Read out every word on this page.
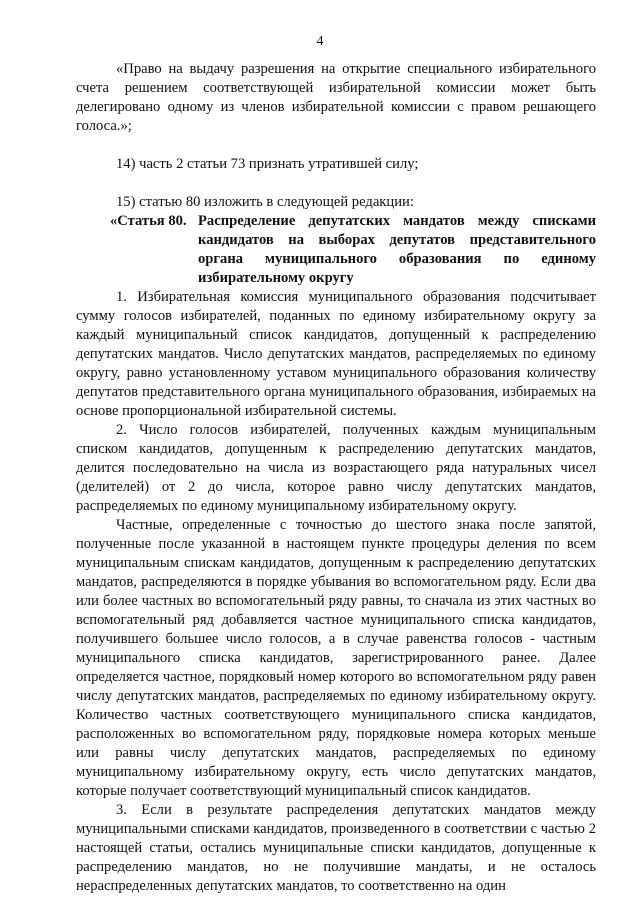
4

«Право на выдачу разрешения на открытие специального избирательного счета решением соответствующей избирательной комиссии может быть делегировано одному из членов избирательной комиссии с правом решающего голоса.»;

14) часть 2 статьи 73 признать утратившей силу;

15) статью 80 изложить в следующей редакции:

«Статья 80. Распределение депутатских мандатов между списками кандидатов на выборах депутатов представительного органа муниципального образования по единому избирательному округу

1. Избирательная комиссия муниципального образования подсчитывает сумму голосов избирателей, поданных по единому избирательному округу за каждый муниципальный список кандидатов, допущенный к распределению депутатских мандатов. Число депутатских мандатов, распределяемых по единому округу, равно установленному уставом муниципального образования количеству депутатов представительного органа муниципального образования, избираемых на основе пропорциональной избирательной системы.

2. Число голосов избирателей, полученных каждым муниципальным списком кандидатов, допущенным к распределению депутатских мандатов, делится последовательно на числа из возрастающего ряда натуральных чисел (делителей) от 2 до числа, которое равно числу депутатских мандатов, распределяемых по единому муниципальному избирательному округу.

Частные, определенные с точностью до шестого знака после запятой, полученные после указанной в настоящем пункте процедуры деления по всем муниципальным спискам кандидатов, допущенным к распределению депутатских мандатов, распределяются в порядке убывания во вспомогательном ряду. Если два или более частных во вспомогательный ряду равны, то сначала из этих частных во вспомогательный ряд добавляется частное муниципального списка кандидатов, получившего большее число голосов, а в случае равенства голосов - частным муниципального списка кандидатов, зарегистрированного ранее. Далее определяется частное, порядковый номер которого во вспомогательном ряду равен числу депутатских мандатов, распределяемых по единому избирательному округу. Количество частных соответствующего муниципального списка кандидатов, расположенных во вспомогательном ряду, порядковые номера которых меньше или равны числу депутатских мандатов, распределяемых по единому муниципальному избирательному округу, есть число депутатских мандатов, которые получает соответствующий муниципальный список кандидатов.

3. Если в результате распределения депутатских мандатов между муниципальными списками кандидатов, произведенного в соответствии с частью 2 настоящей статьи, остались муниципальные списки кандидатов, допущенные к распределению мандатов, но не получившие мандаты, и не осталось нераспределенных депутатских мандатов, то соответственно на один
